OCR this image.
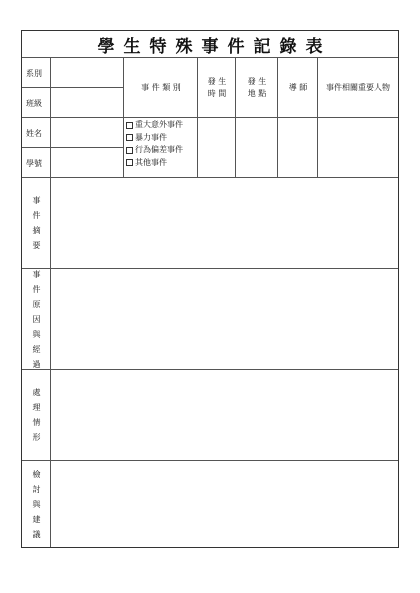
學生特殊事件記錄表
系別
班級
姓名
學號
事 件 類 別
發 生
時 間
發 生
地 點
導 師	事件相關重要人物
重大意外事件
暴力事件
行為偏差事件
其他事件
事
件
摘
要
事
件
原
因
與
經
過
處
理
情
形
檢
討
與
建
議
